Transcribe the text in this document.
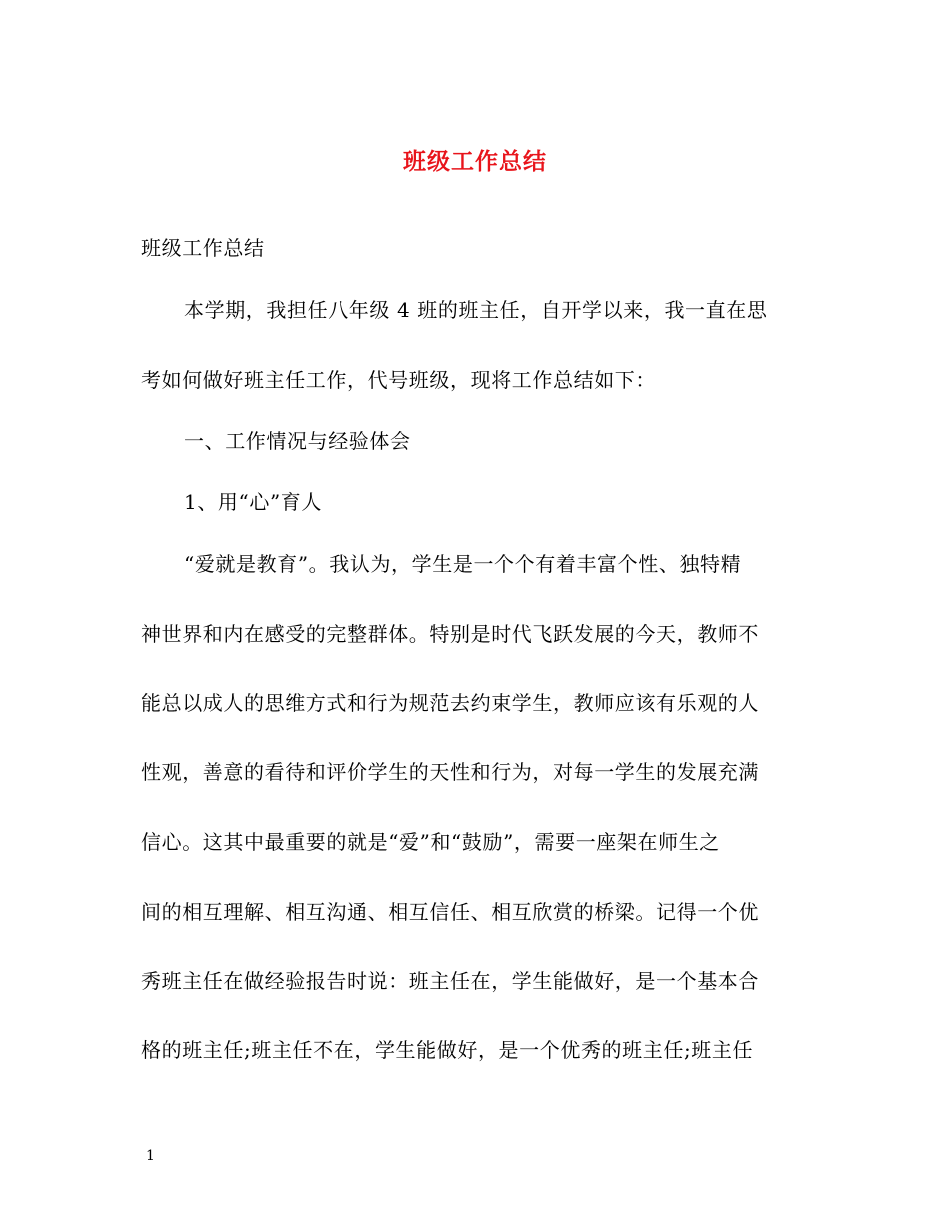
班级工作总结
班级工作总结
本学期，我担任八年级 4 班的班主任，自开学以来，我一直在思
考如何做好班主任工作，代号班级，现将工作总结如下：
一、工作情况与经验体会
1、用“心”育人
“爱就是教育”。我认为，学生是一个个有着丰富个性、独特精
神世界和内在感受的完整群体。特别是时代飞跃发展的今天，教师不
能总以成人的思维方式和行为规范去约束学生，教师应该有乐观的人
性观，善意的看待和评价学生的天性和行为，对每一学生的发展充满
信心。这其中最重要的就是“爱”和“鼓励”，需要一座架在师生之
间的相互理解、相互沟通、相互信任、相互欣赏的桥梁。记得一个优
秀班主任在做经验报告时说：班主任在，学生能做好，是一个基本合
格的班主任;班主任不在，学生能做好，是一个优秀的班主任;班主任
1
